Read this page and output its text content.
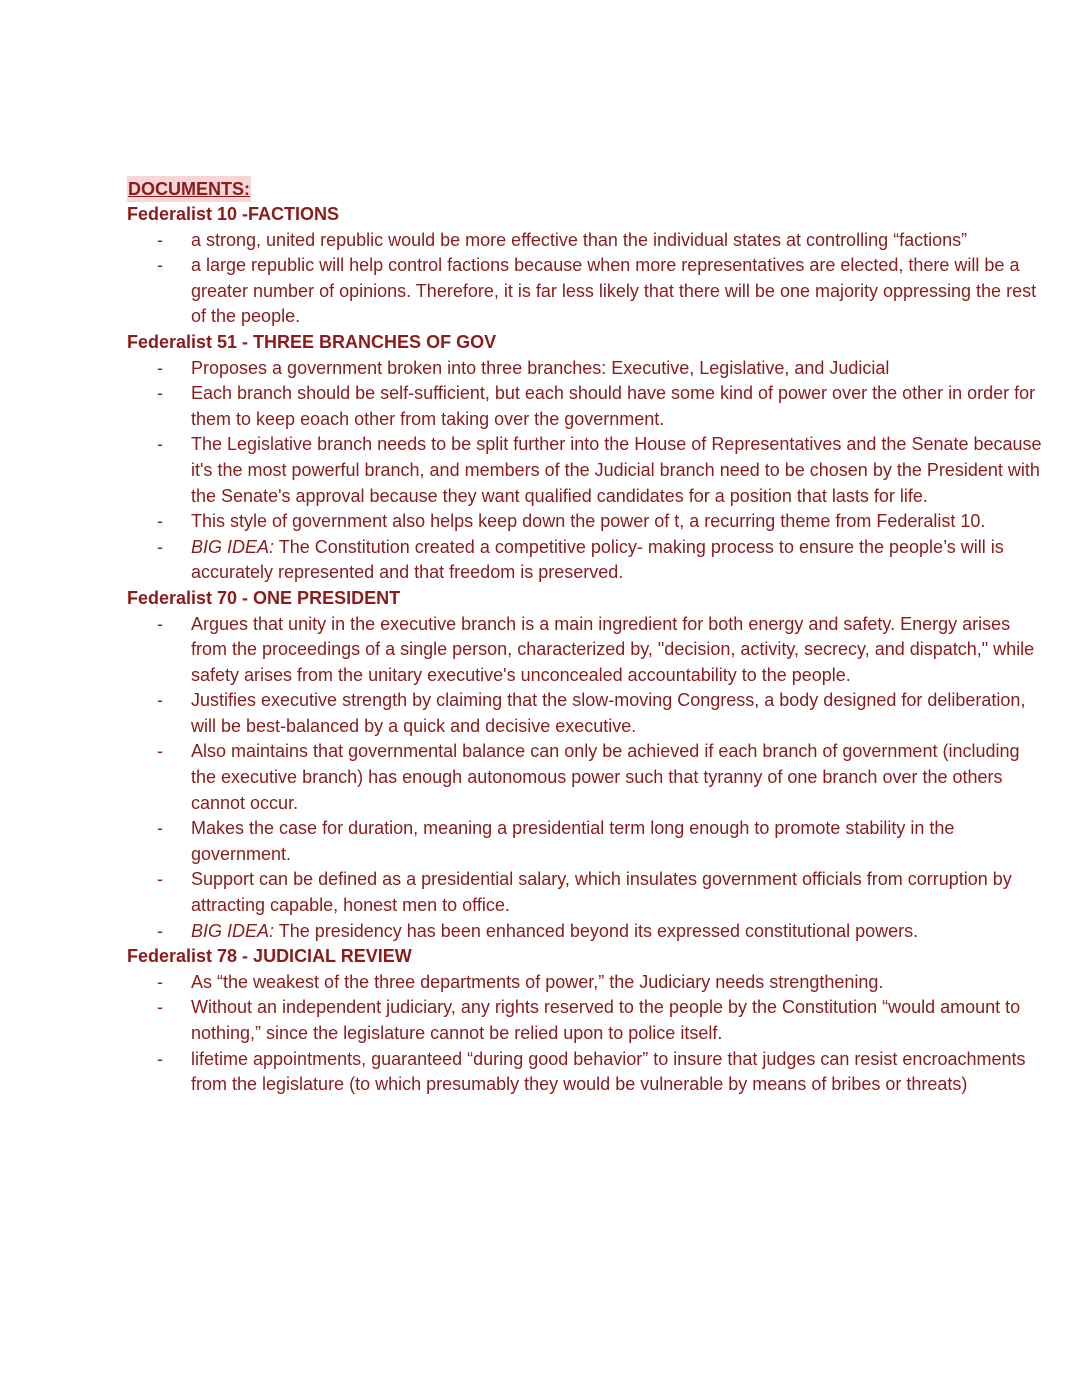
DOCUMENTS:
Federalist 10 -FACTIONS
- a strong, united republic would be more effective than the individual states at controlling “factions”
- a large republic will help control factions because when more representatives are elected, there will be a greater number of opinions. Therefore, it is far less likely that there will be one majority oppressing the rest of the people.
Federalist 51 - THREE BRANCHES OF GOV
- Proposes a government broken into three branches: Executive, Legislative, and Judicial
- Each branch should be self-sufficient, but each should have some kind of power over the other in order for them to keep eoach other from taking over the government.
- The Legislative branch needs to be split further into the House of Representatives and the Senate because it's the most powerful branch, and members of the Judicial branch need to be chosen by the President with the Senate's approval because they want qualified candidates for a position that lasts for life.
- This style of government also helps keep down the power of t, a recurring theme from Federalist 10.
- BIG IDEA: The Constitution created a competitive policy- making process to ensure the people’s will is accurately represented and that freedom is preserved.
Federalist 70 - ONE PRESIDENT
- Argues that unity in the executive branch is a main ingredient for both energy and safety. Energy arises from the proceedings of a single person, characterized by, "decision, activity, secrecy, and dispatch," while safety arises from the unitary executive's unconcealed accountability to the people.
- Justifies executive strength by claiming that the slow-moving Congress, a body designed for deliberation, will be best-balanced by a quick and decisive executive.
- Also maintains that governmental balance can only be achieved if each branch of government (including the executive branch) has enough autonomous power such that tyranny of one branch over the others cannot occur.
- Makes the case for duration, meaning a presidential term long enough to promote stability in the government.
- Support can be defined as a presidential salary, which insulates government officials from corruption by attracting capable, honest men to office.
- BIG IDEA: The presidency has been enhanced beyond its expressed constitutional powers.
Federalist 78 - JUDICIAL REVIEW
- As “the weakest of the three departments of power,” the Judiciary needs strengthening.
- Without an independent judiciary, any rights reserved to the people by the Constitution “would amount to nothing,” since the legislature cannot be relied upon to police itself.
- lifetime appointments, guaranteed “during good behavior” to insure that judges can resist encroachments from the legislature (to which presumably they would be vulnerable by means of bribes or threats)
